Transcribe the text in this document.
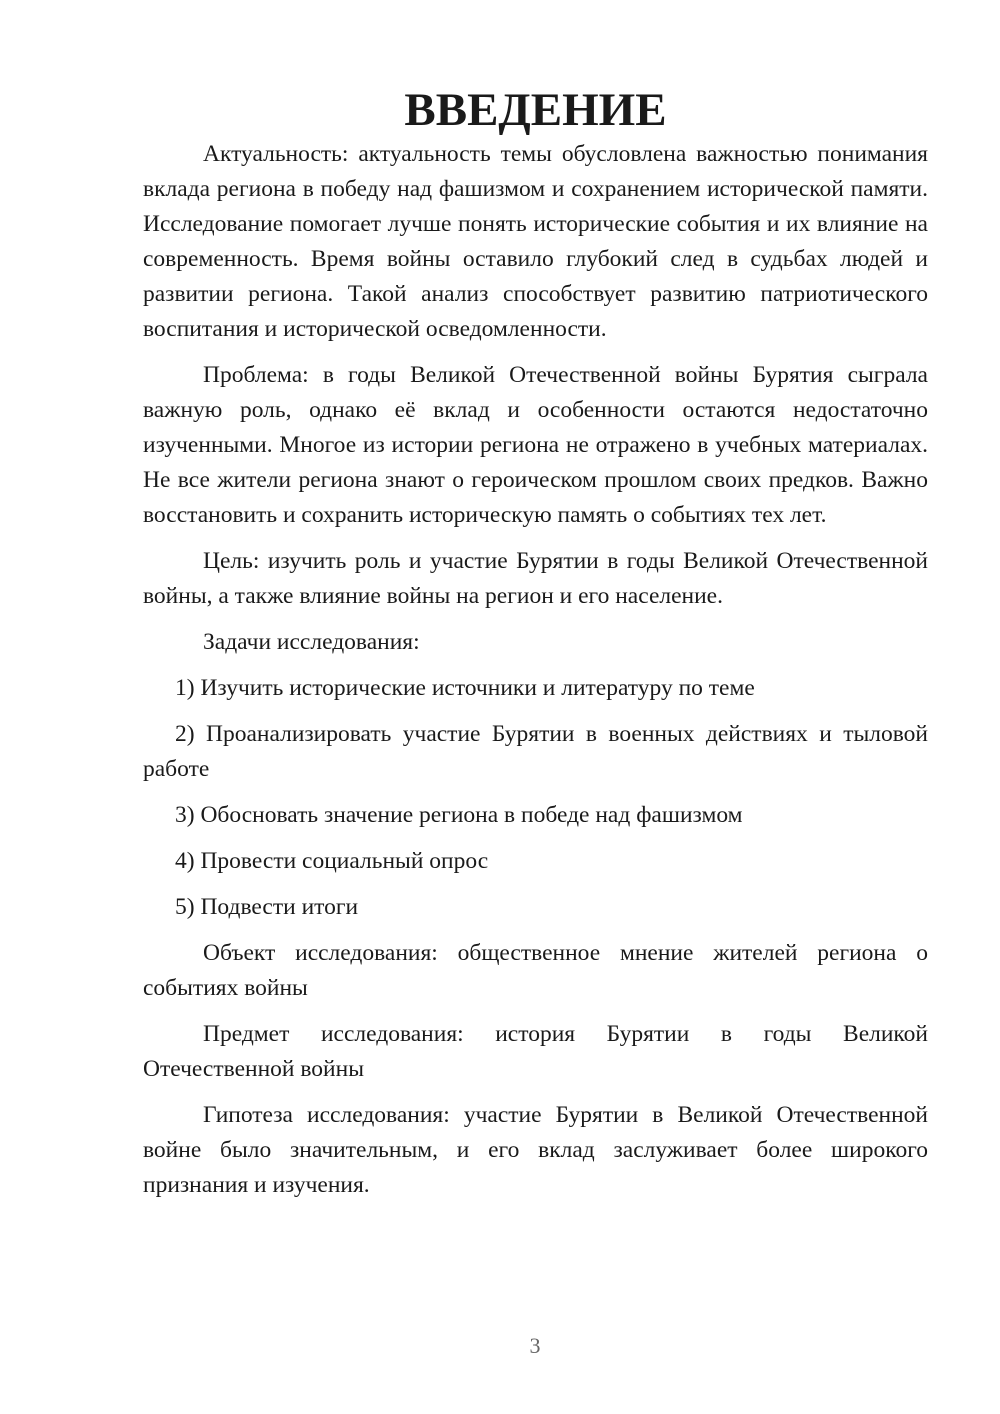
ВВЕДЕНИЕ

Актуальность: актуальность темы обусловлена важностью понимания вклада региона в победу над фашизмом и сохранением исторической памяти. Исследование помогает лучше понять исторические события и их влияние на современность. Время войны оставило глубокий след в судьбах людей и развитии региона. Такой анализ способствует развитию патриотического воспитания и исторической осведомленности.

Проблема: в годы Великой Отечественной войны Бурятия сыграла важную роль, однако её вклад и особенности остаются недостаточно изученными. Многое из истории региона не отражено в учебных материалах. Не все жители региона знают о героическом прошлом своих предков. Важно восстановить и сохранить историческую память о событиях тех лет.

Цель: изучить роль и участие Бурятии в годы Великой Отечественной войны, а также влияние войны на регион и его население.

Задачи исследования:

1) Изучить исторические источники и литературу по теме

2) Проанализировать участие Бурятии в военных действиях и тыловой работе

3) Обосновать значение региона в победе над фашизмом

4) Провести социальный опрос

5) Подвести итоги

Объект исследования: общественное мнение жителей региона о событиях войны

Предмет исследования: история Бурятии в годы Великой Отечественной войны

Гипотеза исследования: участие Бурятии в Великой Отечественной войне было значительным, и его вклад заслуживает более широкого признания и изучения.

3
